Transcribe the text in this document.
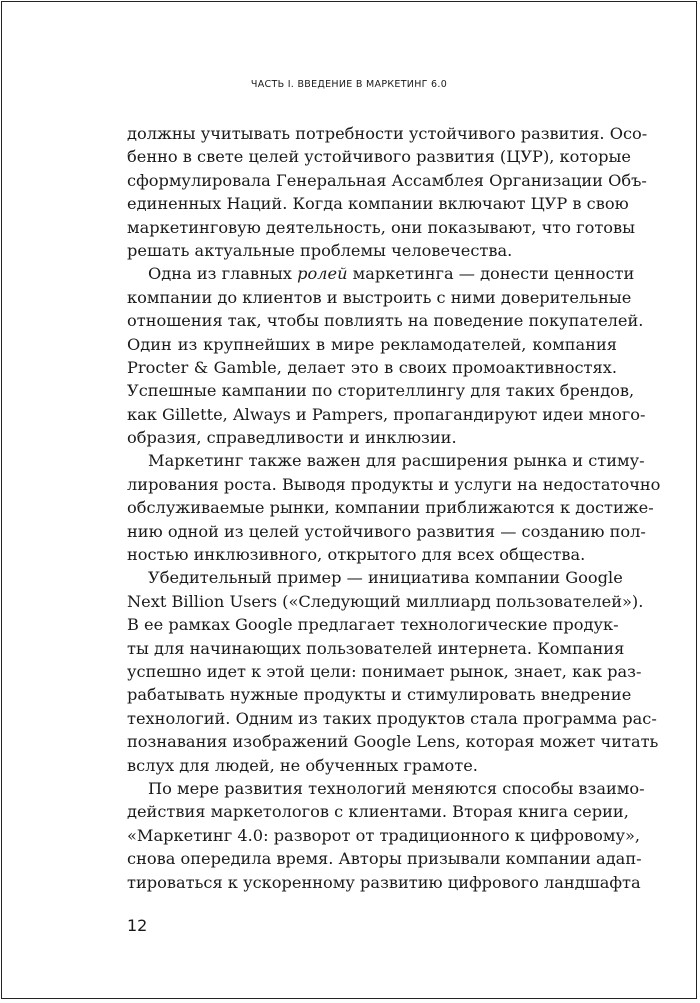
ЧАСТЬ I. ВВЕДЕНИЕ В МАРКЕТИНГ 6.0
должны учитывать потребности устойчивого развития. Осо-
бенно в свете целей устойчивого развития (ЦУР), которые
сформулировала Генеральная Ассамблея Организации Объ-
единенных Наций. Когда компании включают ЦУР в свою
маркетинговую деятельность, они показывают, что готовы
решать актуальные проблемы человечества.
Одна из главных ролей маркетинга — донести ценности
компании до клиентов и выстроить с ними доверительные
отношения так, чтобы повлиять на поведение покупателей.
Один из крупнейших в мире рекламодателей, компания
Procter & Gamble, делает это в своих промоактивностях.
Успешные кампании по сторителлингу для таких брендов,
как Gillette, Always и Pampers, пропагандируют идеи много-
образия, справедливости и инклюзии.
Маркетинг также важен для расширения рынка и стиму-
лирования роста. Выводя продукты и услуги на недостаточно
обслуживаемые рынки, компании приближаются к достиже-
нию одной из целей устойчивого развития — созданию пол-
ностью инклюзивного, открытого для всех общества.
Убедительный пример — инициатива компании Google
Next Billion Users («Следующий миллиард пользователей»).
В ее рамках Google предлагает технологические продук-
ты для начинающих пользователей интернета. Компания
успешно идет к этой цели: понимает рынок, знает, как раз-
рабатывать нужные продукты и стимулировать внедрение
технологий. Одним из таких продуктов стала программа рас-
познавания изображений Google Lens, которая может читать
вслух для людей, не обученных грамоте.
По мере развития технологий меняются способы взаимо-
действия маркетологов с клиентами. Вторая книга серии,
«Маркетинг 4.0: разворот от традиционного к цифровому»,
снова опередила время. Авторы призывали компании адап-
тироваться к ускоренному развитию цифрового ландшафта
12
